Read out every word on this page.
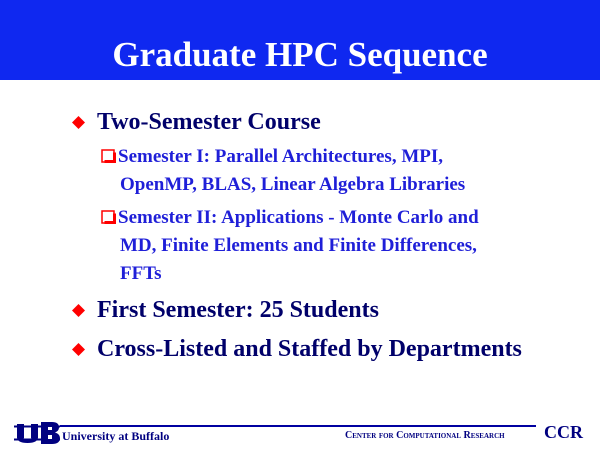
Graduate HPC Sequence
Two-Semester Course
Semester I: Parallel Architectures, MPI,
OpenMP, BLAS, Linear Algebra Libraries
Semester II: Applications - Monte Carlo and
MD, Finite Elements and Finite Differences,
FFTs
First Semester: 25 Students
Cross-Listed and Staffed by Departments
University at Buffalo	Center for Computational Research CCR
